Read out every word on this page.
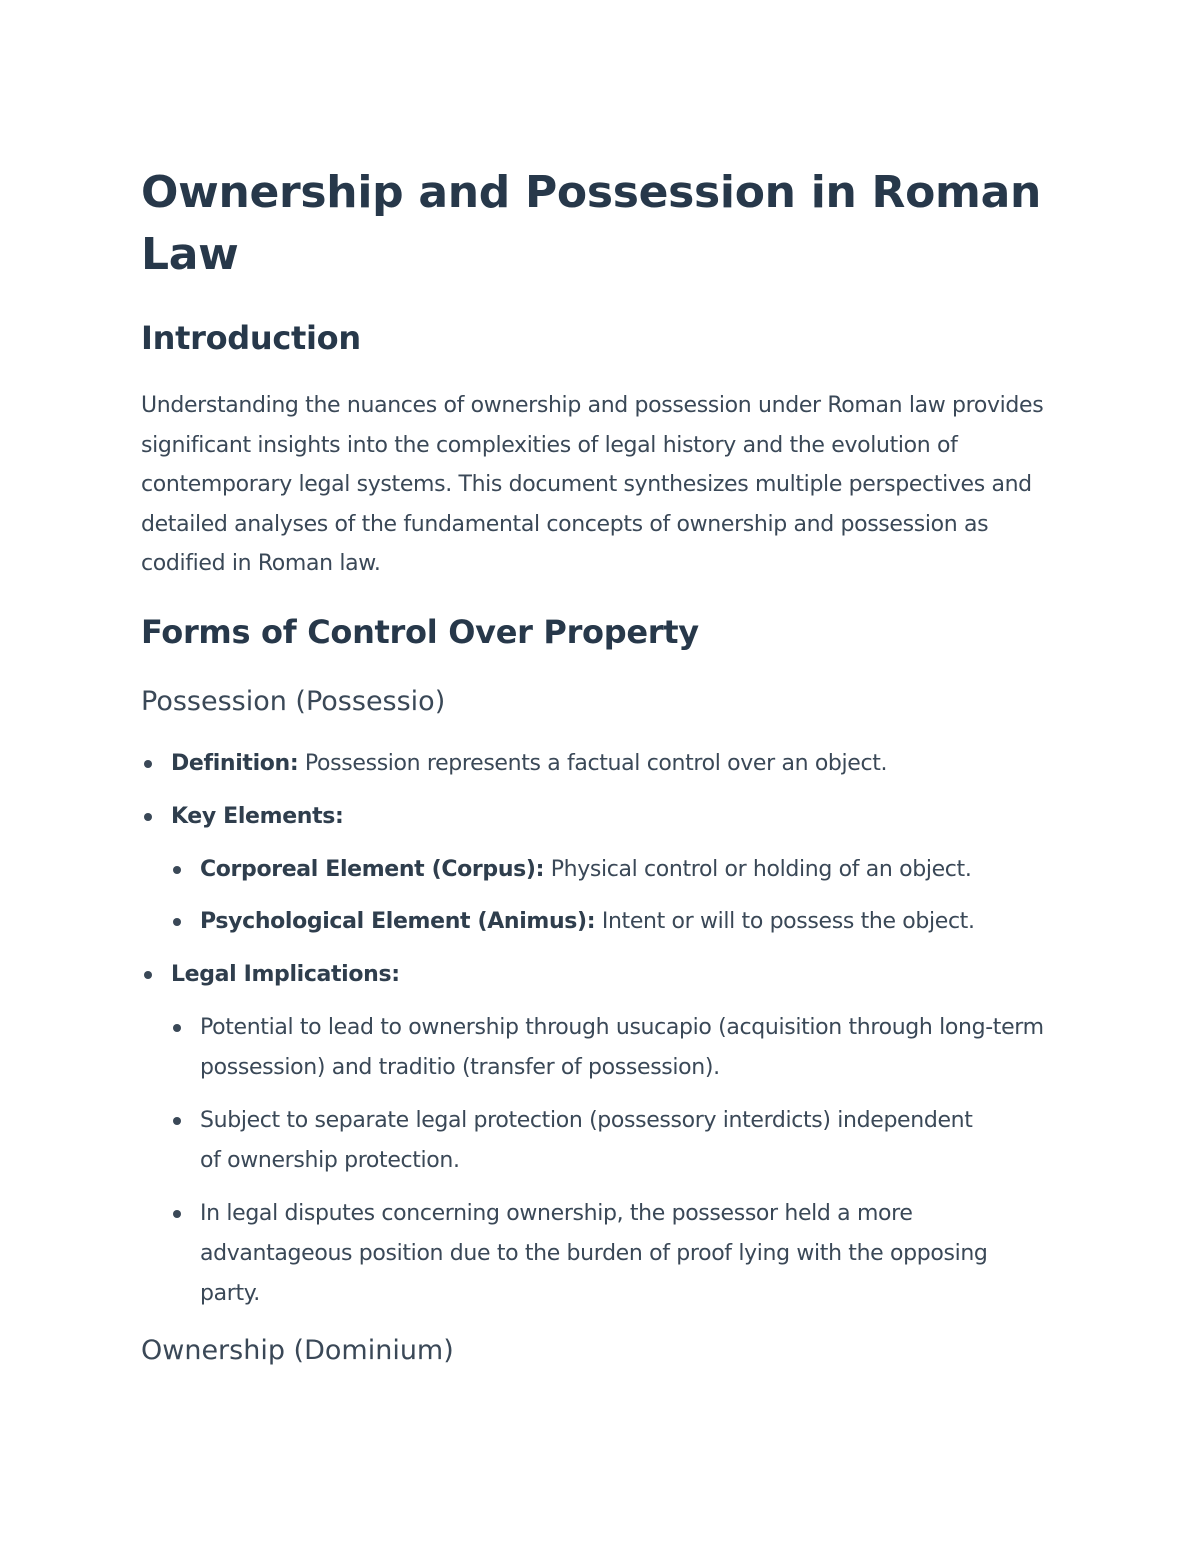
Ownership and Possession in Roman Law
Introduction

Understanding the nuances of ownership and possession under Roman law provides significant insights into the complexities of legal history and the evolution of contemporary legal systems. This document synthesizes multiple perspectives and detailed analyses of the fundamental concepts of ownership and possession as codified in Roman law.

Forms of Control Over Property
Possession (Possessio)
Definition: Possession represents a factual control over an object.
Key Elements:
Corporeal Element (Corpus): Physical control or holding of an object.
Psychological Element (Animus): Intent or will to possess the object.
Legal Implications:
Potential to lead to ownership through usucapio (acquisition through long-term possession) and traditio (transfer of possession).
Subject to separate legal protection (possessory interdicts) independent of ownership protection.
In legal disputes concerning ownership, the possessor held a more advantageous position due to the burden of proof lying with the opposing party.
Ownership (Dominium)
